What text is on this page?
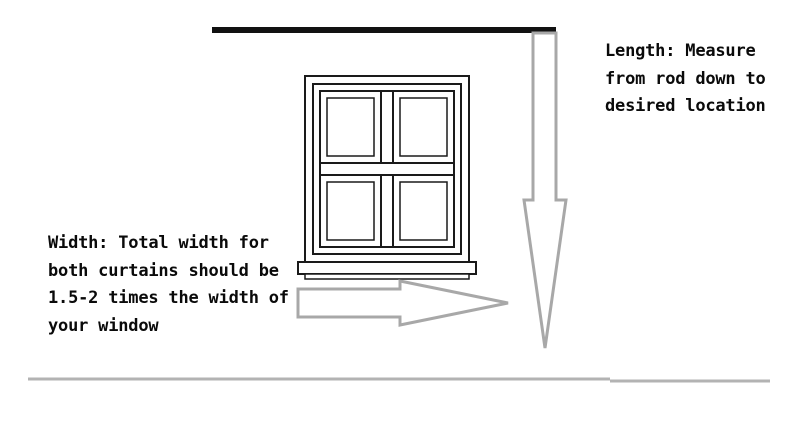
Length: Measure from rod down to desired location
Width: Total width for both curtains should be 1.5-2 times the width of your window
